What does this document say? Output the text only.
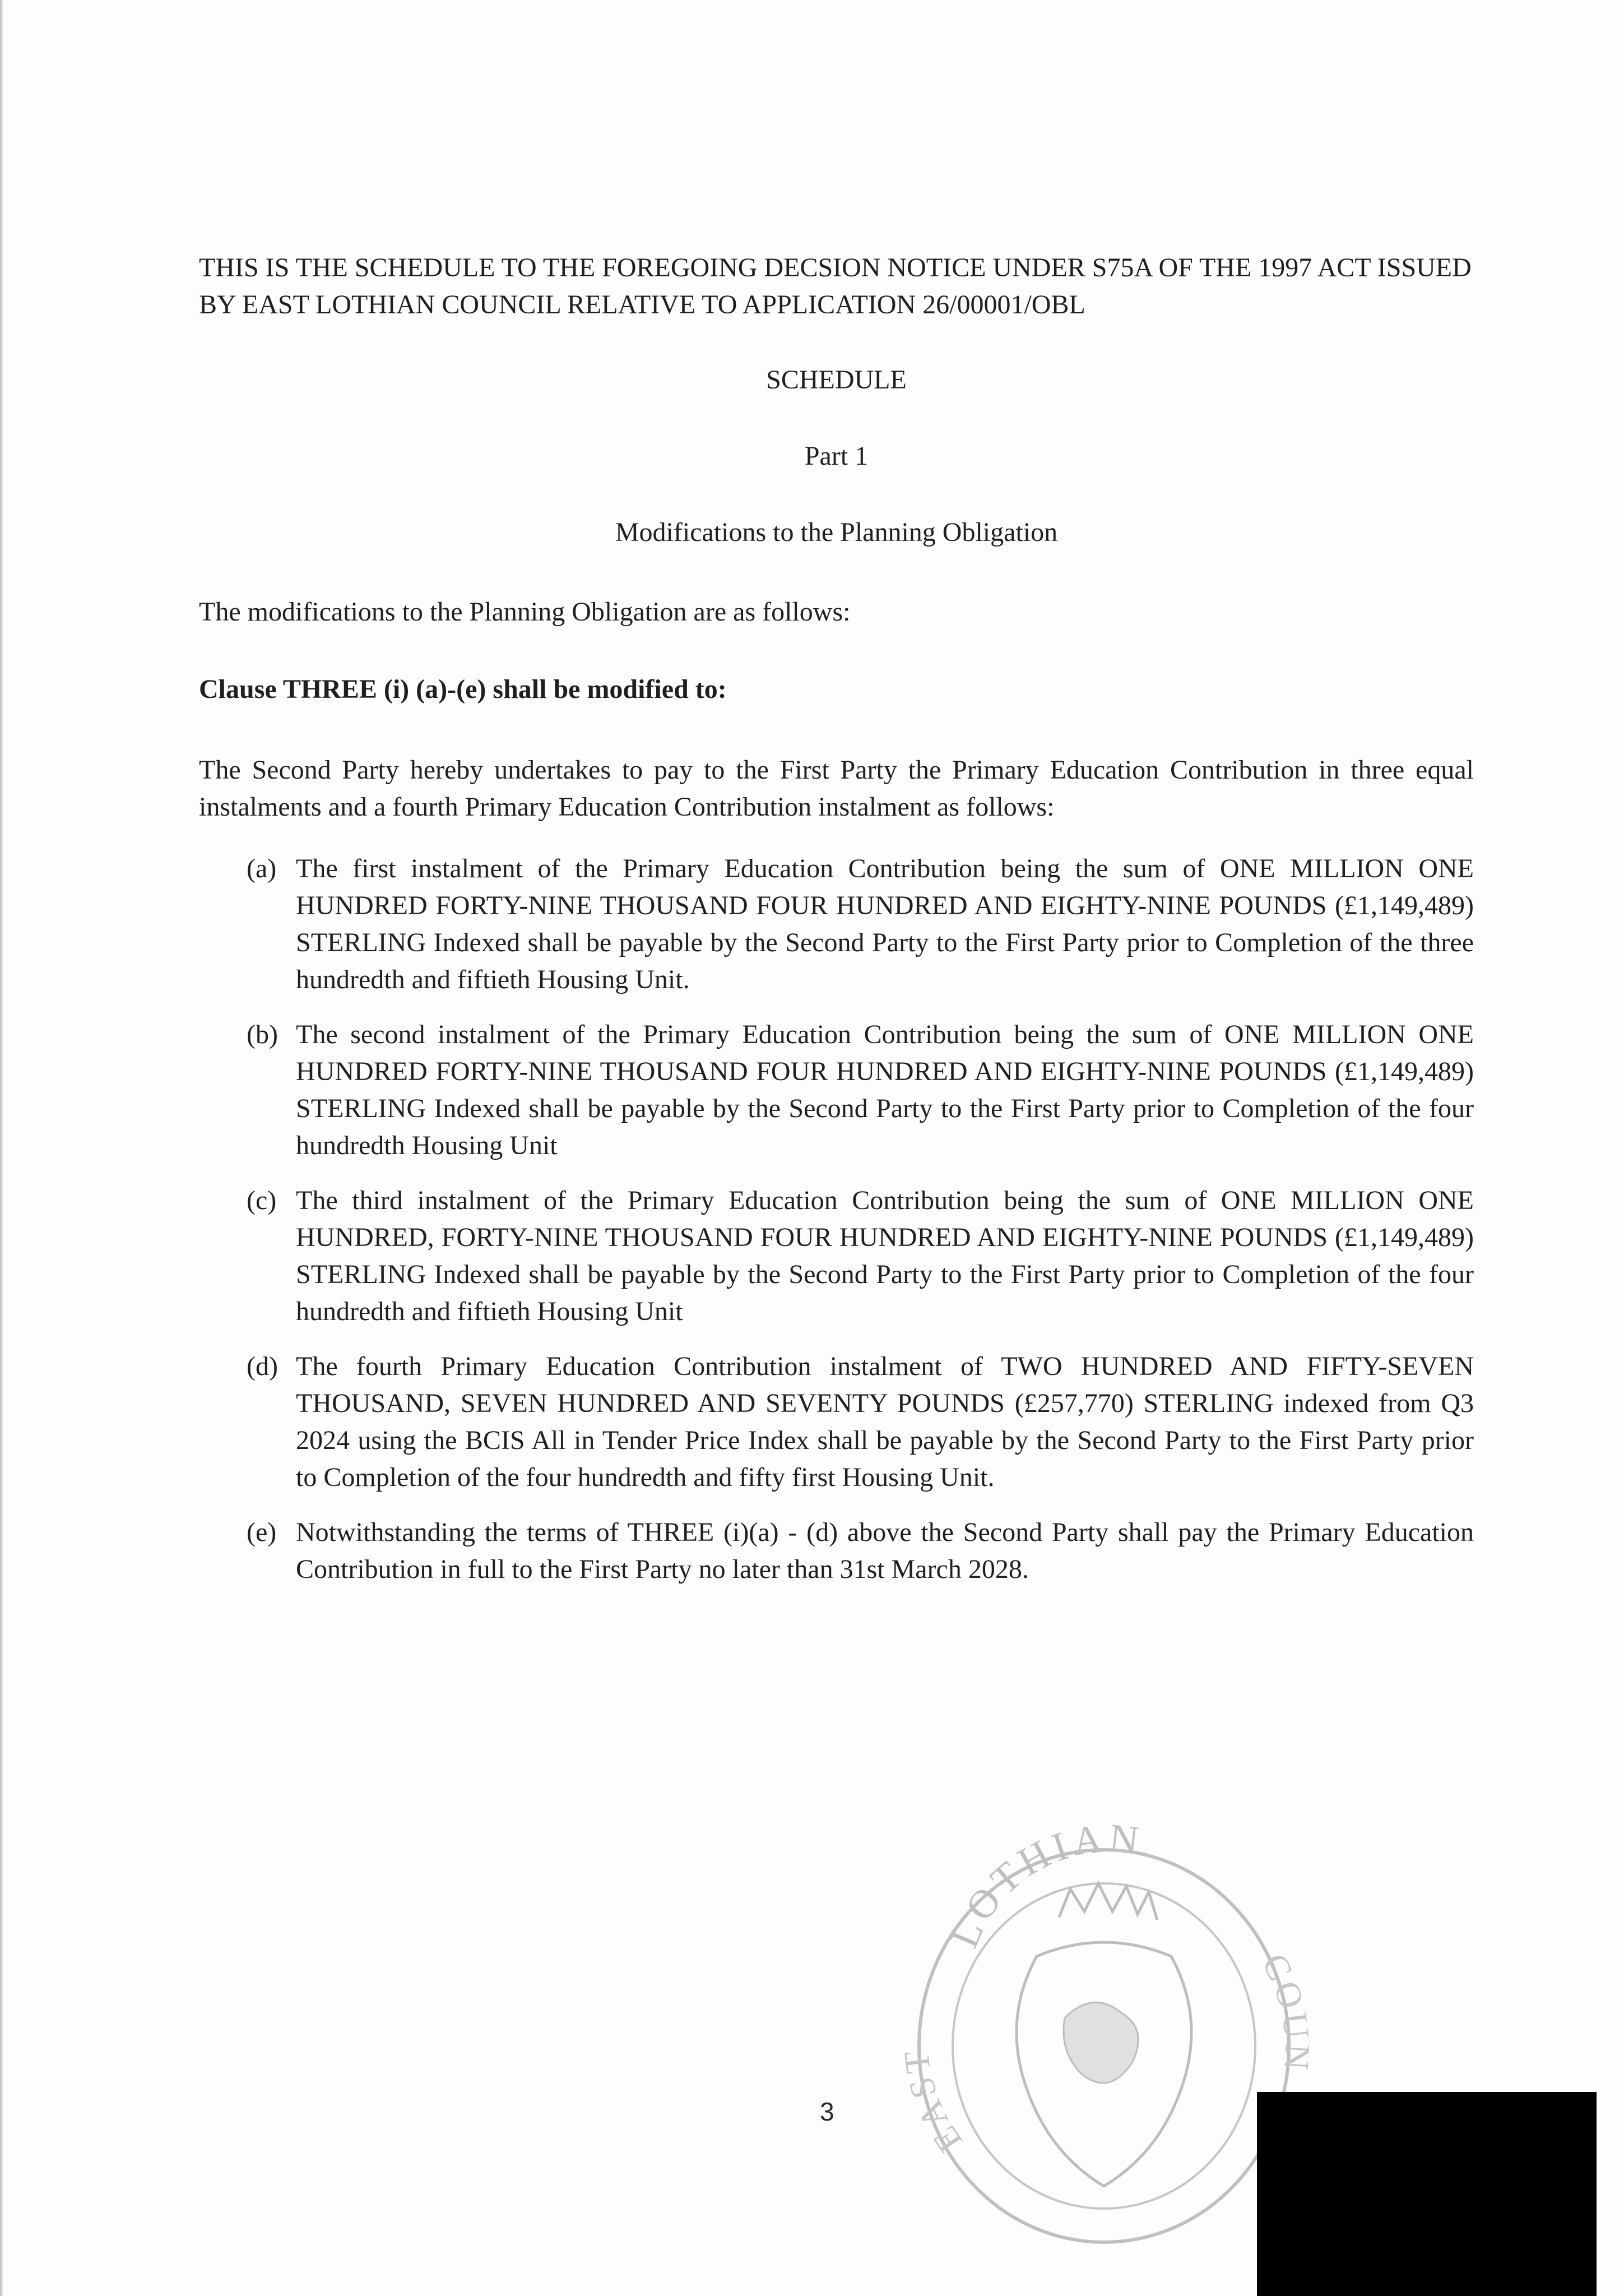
THIS IS THE SCHEDULE TO THE FOREGOING DECSION NOTICE UNDER S75A OF THE 1997 ACT ISSUED BY EAST LOTHIAN COUNCIL RELATIVE TO APPLICATION 26/00001/OBL

SCHEDULE

Part 1

Modifications to the Planning Obligation

The modifications to the Planning Obligation are as follows:

Clause THREE (i) (a)-(e) shall be modified to:

The Second Party hereby undertakes to pay to the First Party the Primary Education Contribution in three equal instalments and a fourth Primary Education Contribution instalment as follows:

(a) The first instalment of the Primary Education Contribution being the sum of ONE MILLION ONE HUNDRED FORTY-NINE THOUSAND FOUR HUNDRED AND EIGHTY-NINE POUNDS (£1,149,489) STERLING Indexed shall be payable by the Second Party to the First Party prior to Completion of the three hundredth and fiftieth Housing Unit.
(b) The second instalment of the Primary Education Contribution being the sum of ONE MILLION ONE HUNDRED FORTY-NINE THOUSAND FOUR HUNDRED AND EIGHTY-NINE POUNDS (£1,149,489) STERLING Indexed shall be payable by the Second Party to the First Party prior to Completion of the four hundredth Housing Unit
(c) The third instalment of the Primary Education Contribution being the sum of ONE MILLION ONE HUNDRED, FORTY-NINE THOUSAND FOUR HUNDRED AND EIGHTY-NINE POUNDS (£1,149,489) STERLING Indexed shall be payable by the Second Party to the First Party prior to Completion of the four hundredth and fiftieth Housing Unit
(d) The fourth Primary Education Contribution instalment of TWO HUNDRED AND FIFTY-SEVEN THOUSAND, SEVEN HUNDRED AND SEVENTY POUNDS (£257,770) STERLING indexed from Q3 2024 using the BCIS All in Tender Price Index shall be payable by the Second Party to the First Party prior to Completion of the four hundredth and fifty first Housing Unit.
(e) Notwithstanding the terms of THREE (i)(a) - (d) above the Second Party shall pay the Primary Education Contribution in full to the First Party no later than 31st March 2028.
LOTHIAN
EAST
COUN
3
